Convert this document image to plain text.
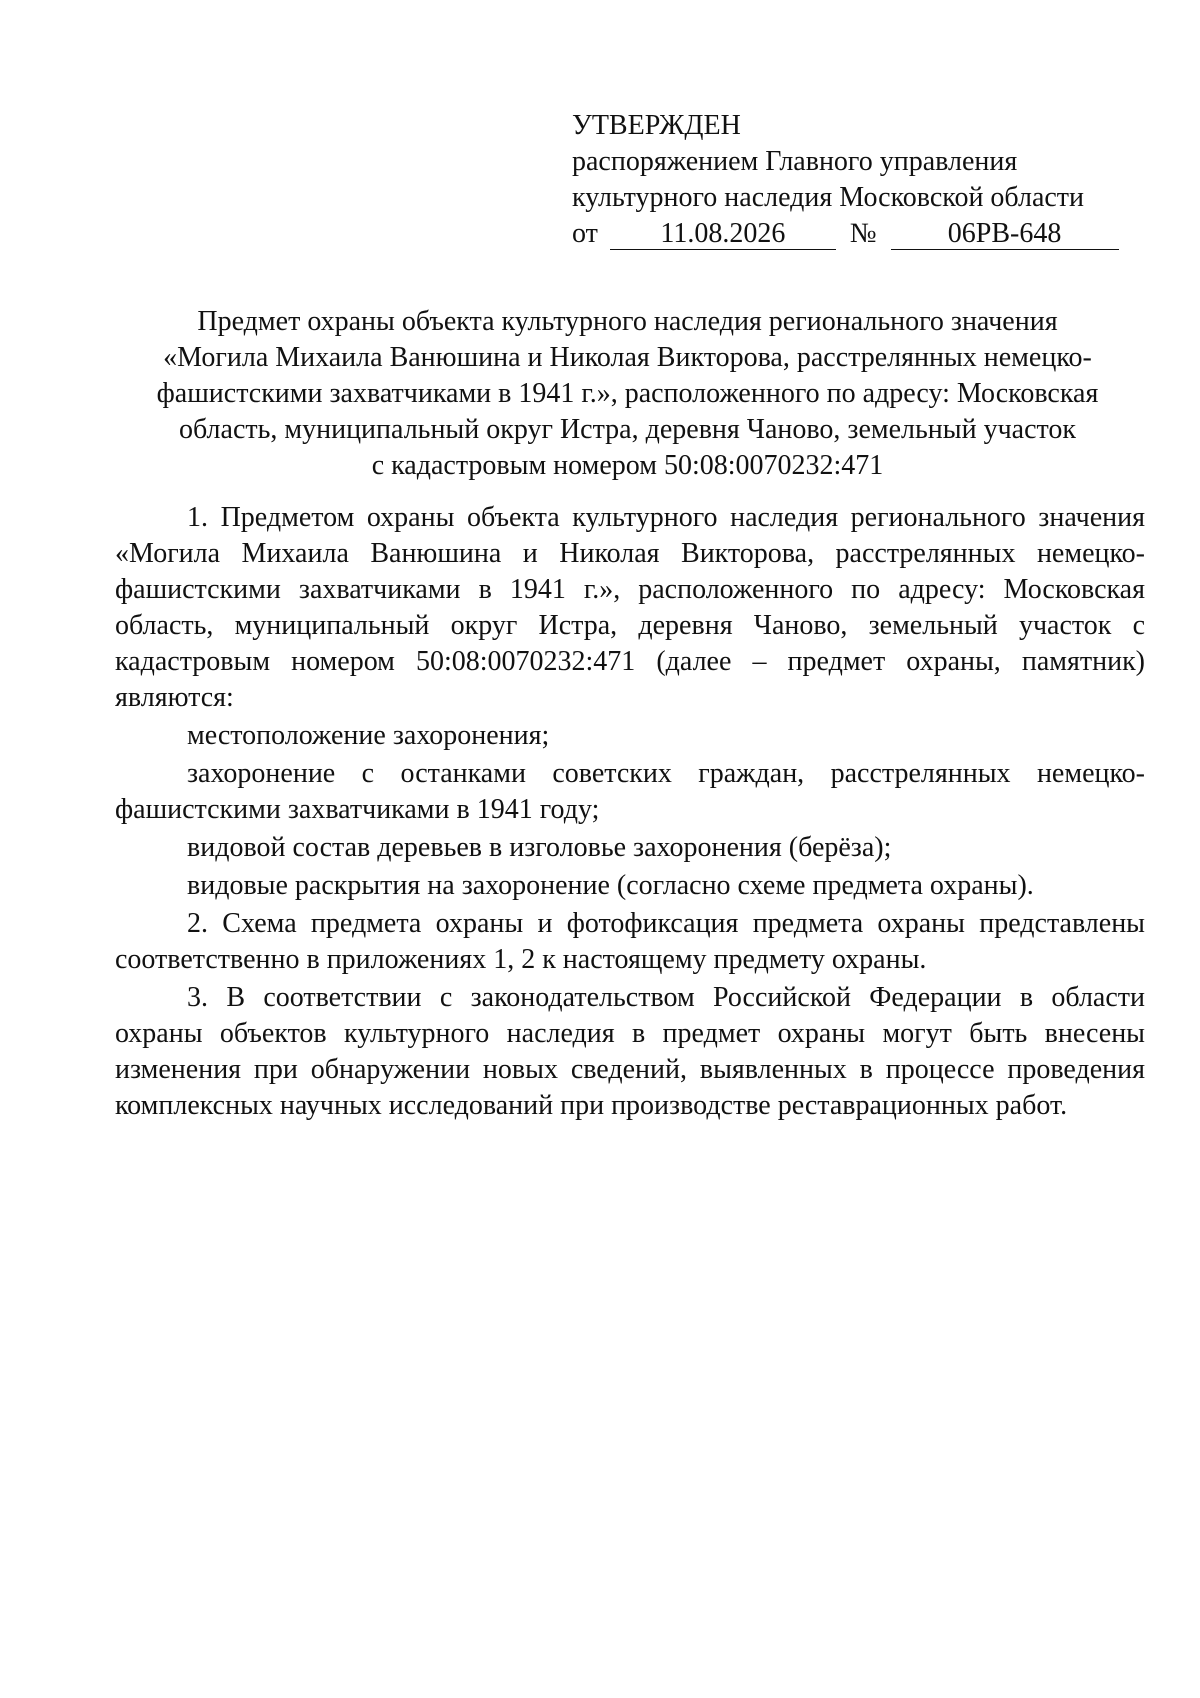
УТВЕРЖДЕН
распоряжением Главного управления
культурного наследия Московской области
от	11.08.2026	№	06РВ-648
Предмет охраны объекта культурного наследия регионального значения
«Могила Михаила Ванюшина и Николая Викторова, расстрелянных немецко-
фашистскими захватчиками в 1941 г.», расположенного по адресу: Московская
область, муниципальный округ Истра, деревня Чаново, земельный участок
с кадастровым номером 50:08:0070232:471

1. Предметом охраны объекта культурного наследия регионального значения «Могила Михаила Ванюшина и Николая Викторова, расстрелянных немецко-фашистскими захватчиками в 1941 г.», расположенного по адресу: Московская область, муниципальный округ Истра, деревня Чаново, земельный участок с кадастровым номером 50:08:0070232:471 (далее – предмет охраны, памятник) являются:

местоположение захоронения;

захоронение с останками советских граждан, расстрелянных немецко-фашистскими захватчиками в 1941 году;

видовой состав деревьев в изголовье захоронения (берёза);

видовые раскрытия на захоронение (согласно схеме предмета охраны).

2. Схема предмета охраны и фотофиксация предмета охраны представлены соответственно в приложениях 1, 2 к настоящему предмету охраны.

3. В соответствии с законодательством Российской Федерации в области охраны объектов культурного наследия в предмет охраны могут быть внесены изменения при обнаружении новых сведений, выявленных в процессе проведения комплексных научных исследований при производстве реставрационных работ.
